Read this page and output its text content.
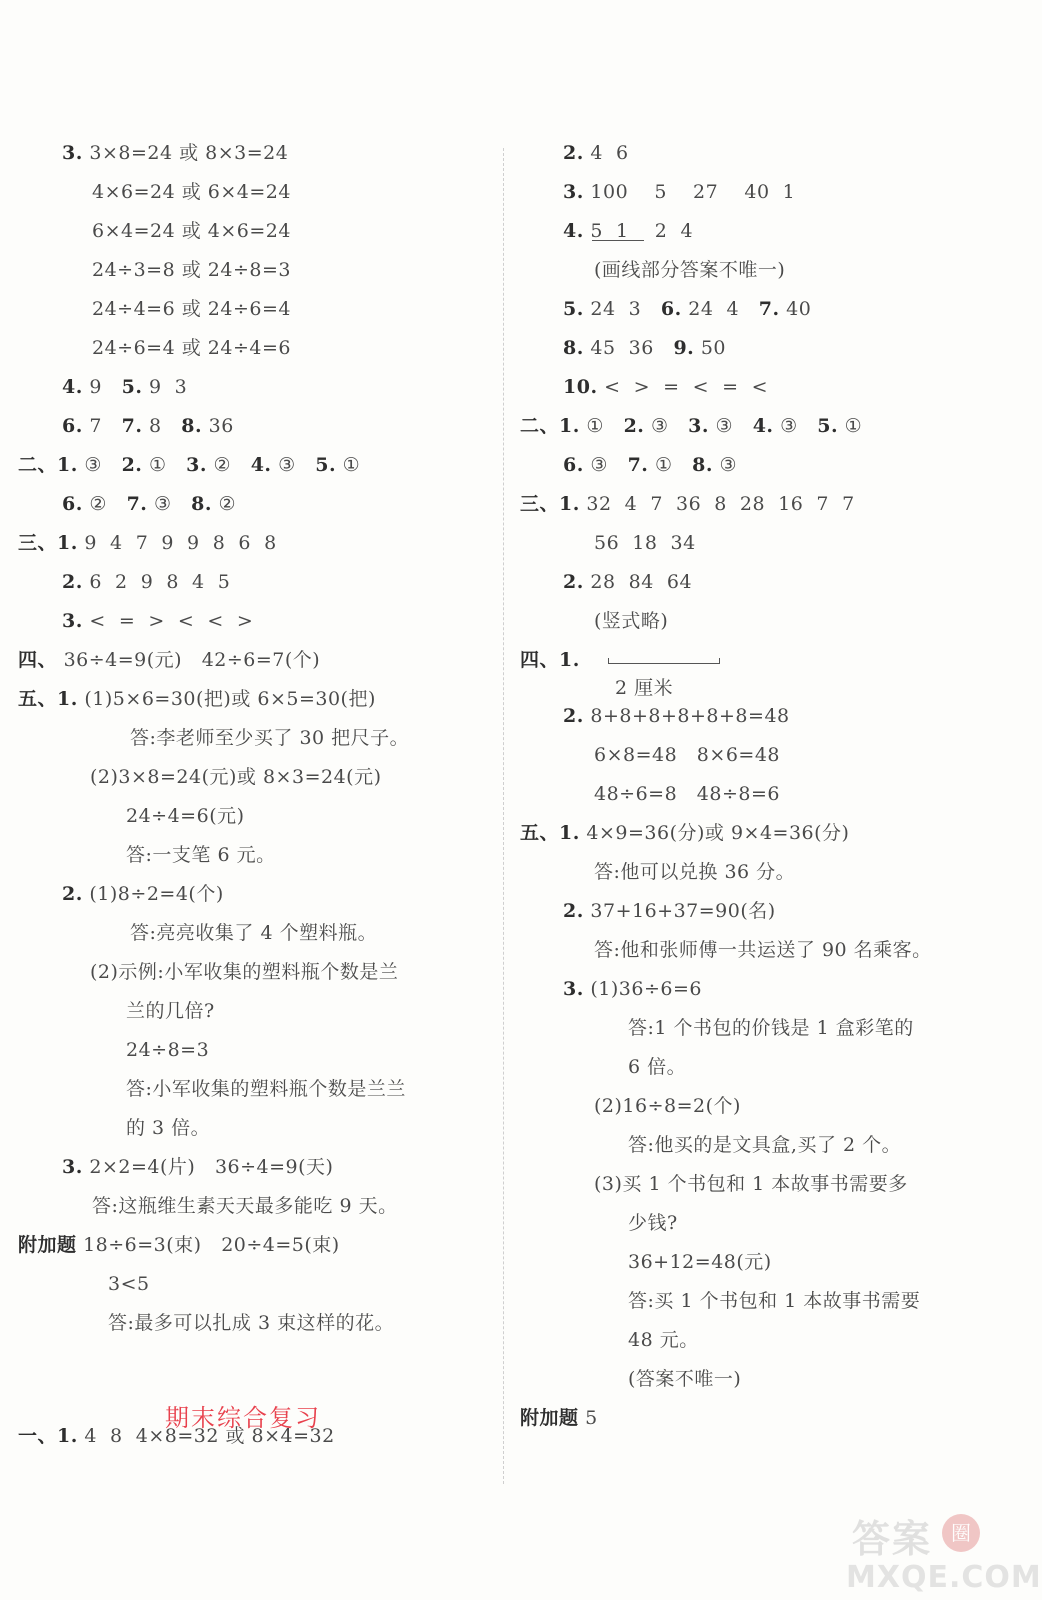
3. 3×8=24 或 8×3=24
4×6=24 或 6×4=24
6×4=24 或 4×6=24
24÷3=8 或 24÷8=3
24÷4=6 或 24÷6=4
24÷6=4 或 24÷4=6
4. 9 5. 9  3
6. 7 7. 8 8. 36
二、1. ③ 2. ① 3. ② 4. ③ 5. ①
6. ② 7. ③ 8. ②
三、1. 9  4  7  9  9  8  6  8
2. 6  2  9  8  4  5
3. <  =  >  <  <  >
四、 36÷4=9(元)   42÷6=7(个)
五、1. (1)5×6=30(把)或 6×5=30(把)
答:李老师至少买了 30 把尺子。
(2)3×8=24(元)或 8×3=24(元)
24÷4=6(元)
答:一支笔 6 元。
2. (1)8÷2=4(个)
答:亮亮收集了 4 个塑料瓶。
(2)示例:小军收集的塑料瓶个数是兰
兰的几倍?
24÷8=3
答:小军收集的塑料瓶个数是兰兰
的 3 倍。
3. 2×2=4(片)   36÷4=9(天)
答:这瓶维生素天天最多能吃 9 天。
附加题 18÷6=3(束)   20÷4=5(束)
3<5
答:最多可以扎成 3 束这样的花。
2. 4  6
3. 100    5    27    40  1
4. 5  1    2  4
(画线部分答案不唯一)
5. 24  3 6. 24  4 7. 40
8. 45  36 9. 50
10. <  >  =  <  =  <
二、1. ① 2. ③ 3. ③ 4. ③ 5. ①
6. ③ 7. ① 8. ③
三、1. 32  4  7  36  8  28  16  7  7
56  18  34
2. 28  84  64
(竖式略)
四、1.
2 厘米
2. 8+8+8+8+8+8=48
6×8=48   8×6=48
48÷6=8   48÷8=6
五、1. 4×9=36(分)或 9×4=36(分)
答:他可以兑换 36 分。
2. 37+16+37=90(名)
答:他和张师傅一共运送了 90 名乘客。
3. (1)36÷6=6
答:1 个书包的价钱是 1 盒彩笔的
6 倍。
(2)16÷8=2(个)
答:他买的是文具盒,买了 2 个。
(3)买 1 个书包和 1 本故事书需要多
少钱?
36+12=48(元)
答:买 1 个书包和 1 本故事书需要
48 元。
(答案不唯一)
附加题 5
一、1. 4  8  4×8=32 或 8×4=32
期末综合复习
答案 圈
MXQE.COM
